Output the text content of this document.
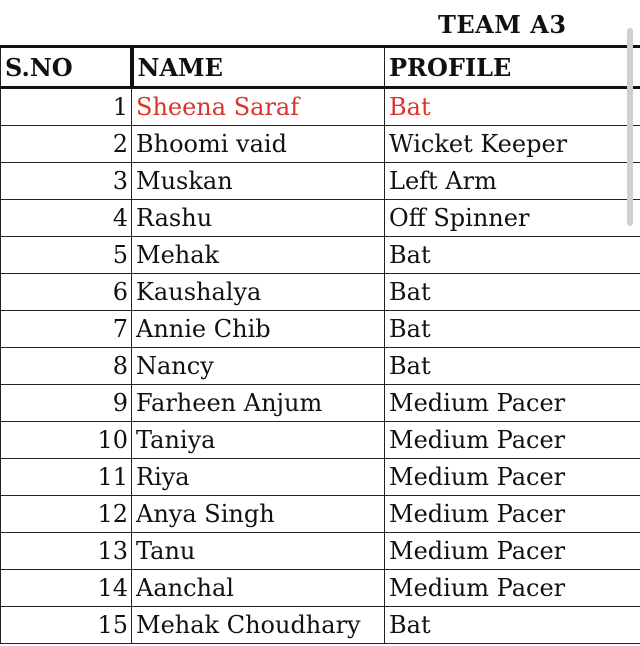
TEAM A3
S.NO	NAME	PROFILE
1	Sheena Saraf	Bat
2	Bhoomi vaid	Wicket Keeper
3	Muskan	Left Arm
4	Rashu	Off Spinner
5	Mehak	Bat
6	Kaushalya	Bat
7	Annie Chib	Bat
8	Nancy	Bat
9	Farheen Anjum	Medium Pacer
10	Taniya	Medium Pacer
11	Riya	Medium Pacer
12	Anya Singh	Medium Pacer
13	Tanu	Medium Pacer
14	Aanchal	Medium Pacer
15	Mehak Choudhary	Bat
